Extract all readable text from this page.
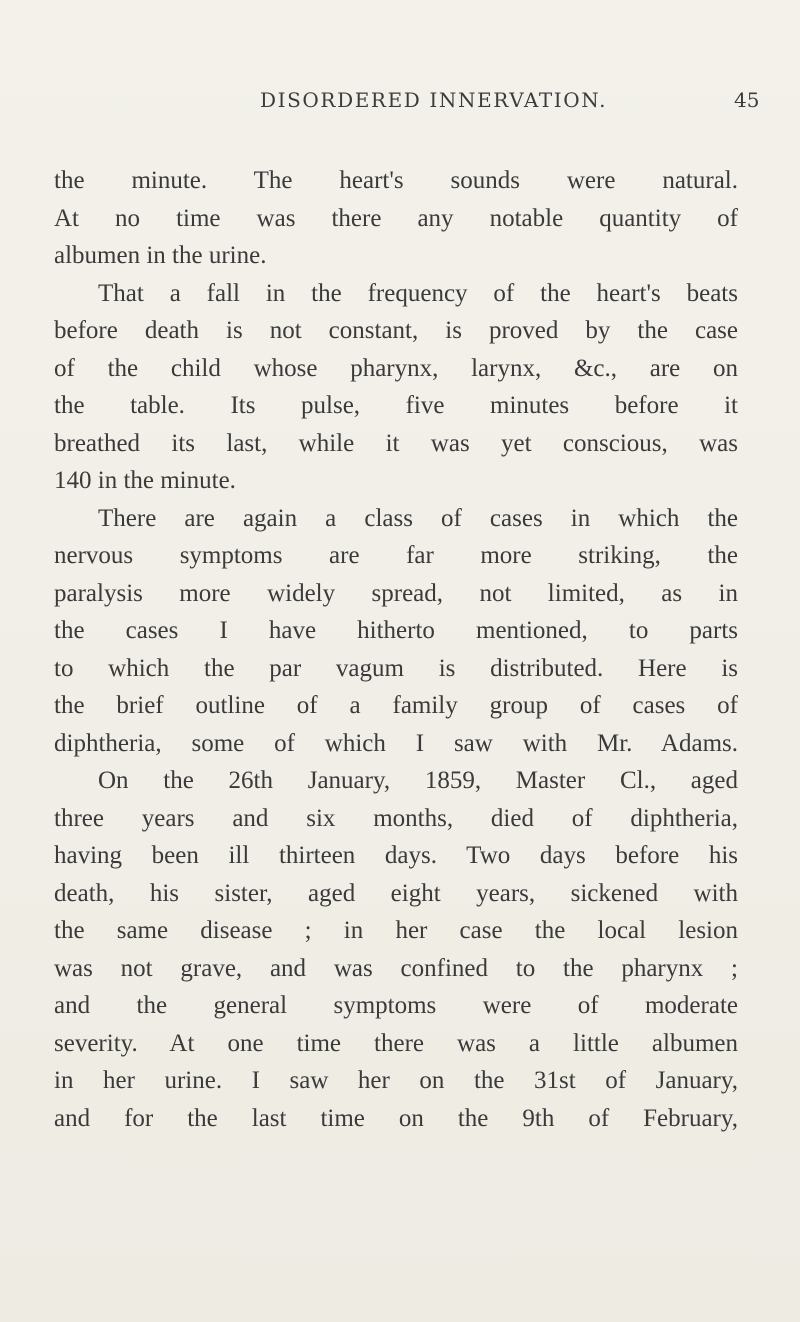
DISORDERED INNERVATION.	45
the minute. The heart's sounds were natural.
At no time was there any notable quantity of
albumen in the urine.
That a fall in the frequency of the heart's beats
before death is not constant, is proved by the case
of the child whose pharynx, larynx, &c., are on
the table. Its pulse, five minutes before it
breathed its last, while it was yet conscious, was
140 in the minute.
There are again a class of cases in which the
nervous symptoms are far more striking, the
paralysis more widely spread, not limited, as in
the cases I have hitherto mentioned, to parts
to which the par vagum is distributed. Here is
the brief outline of a family group of cases of
diphtheria, some of which I saw with Mr. Adams.
On the 26th January, 1859, Master Cl., aged
three years and six months, died of diphtheria,
having been ill thirteen days. Two days before his
death, his sister, aged eight years, sickened with
the same disease ; in her case the local lesion
was not grave, and was confined to the pharynx ;
and the general symptoms were of moderate
severity. At one time there was a little albumen
in her urine. I saw her on the 31st of January,
and for the last time on the 9th of February,
